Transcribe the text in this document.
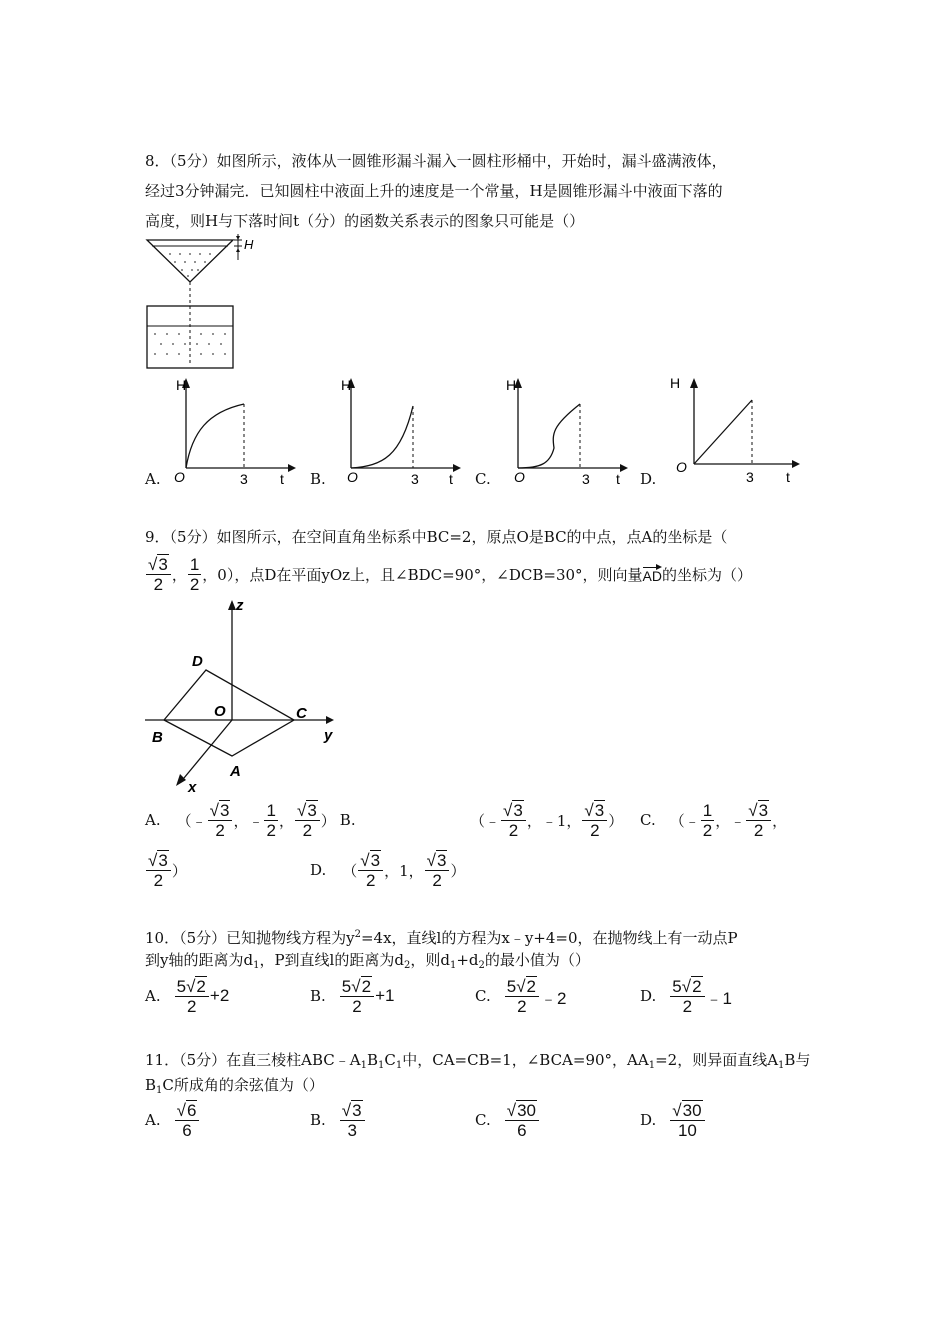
8．（5分）如图所示，液体从一圆锥形漏斗漏入一圆柱形桶中，开始时，漏斗盛满液体，
经过3分钟漏完．已知圆柱中液面上升的速度是一个常量，H是圆锥形漏斗中液面下落的
高度，则H与下落时间t（分）的函数关系表示的图象只可能是（）
H
A.
H
O	3 t B.
H
O	3 t C.
H
O	3 t D.
H
O
3 t
9．（5分）如图所示，在空间直角坐标系中BC=2，原点O是BC的中点，点A的坐标是（
$\frac{√3}{2}$ ， $\frac{1}{2}$ ，0），点D在平面yOz上，且∠BDC=90°，∠DCB=30°，则向量 AD 的坐标为（）
z
y
x
D
O
B
C
A
A. （ ﹣ $\frac{√3}{2}$ ， ﹣ $\frac{1}{2}$ ， $\frac{√3}{2}$ ） B.	（ ﹣ $\frac{√3}{2}$ ， ﹣1， $\frac{√3}{2}$ ） C. （ ﹣ $\frac{1}{2}$ ， ﹣ $\frac{√3}{2}$ ，
$\frac{√3}{2}$ ）	D. （ $\frac{√3}{2}$ ， 1， $\frac{√3}{2}$ ）
10．（5分）已知抛物线方程为$y^2=4x$，直线l的方程为x﹣y+4=0，在抛物线上有一动点P
到y轴的距离为$d_1$，P到直线l的距离为$d_2$，则$d_1+d_2$的最小值为（）
A. $\frac{5√2}{2} +2$	B. $\frac{5√2}{2} +1$	C. $\frac{5√2}{2}$ ﹣2	D. $\frac{5√2}{2}$ ﹣1
11．（5分）在直三棱柱$ABC﹣A_1B_1C_1$中，CA=CB=1，∠BCA=90°，$AA_1=2$，则异面直线$A_1B$与
$B_1C$所成角的余弦值为（）
A. $\frac{√6}{6}$	B. $\frac{√3}{3}$	C. $\frac{√30}{6}$	D. $\frac{√30}{10}$
